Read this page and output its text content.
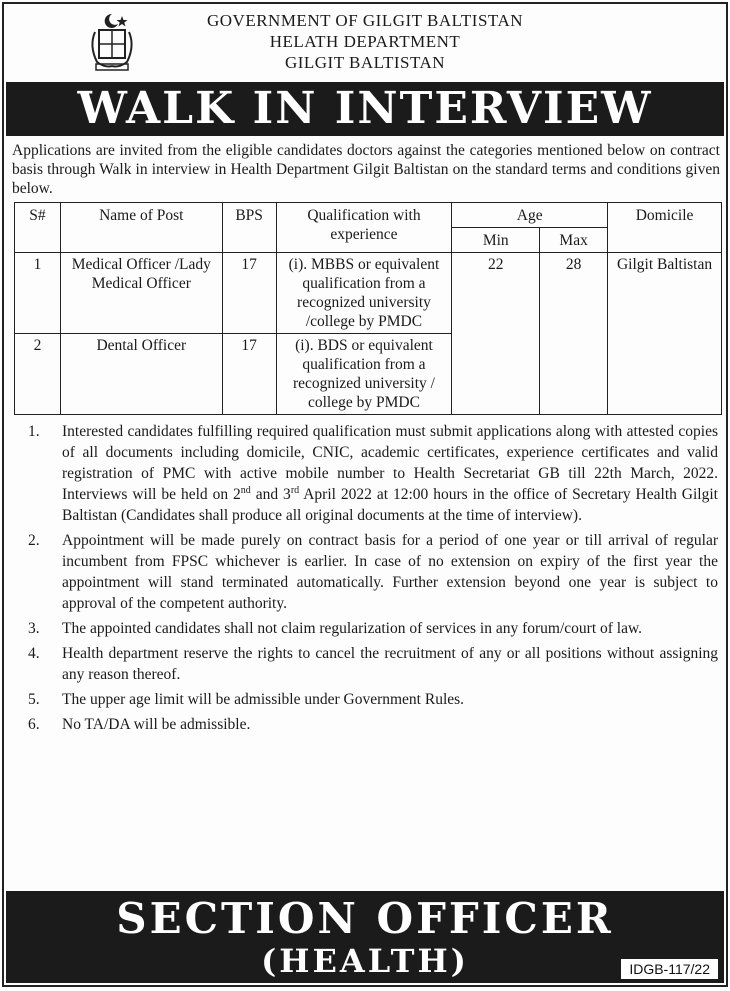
GOVERNMENT OF GILGIT BALTISTAN
HELATH DEPARTMENT
GILGIT BALTISTAN
WALK IN INTERVIEW
Applications are invited from the eligible candidates doctors against the categories mentioned below on contract basis through Walk in interview in Health Department Gilgit Baltistan on the standard terms and conditions given below.
S#	Name of Post	BPS	Qualification with experience	Age		Domicile
				Min	Max	
1	Medical Officer /Lady Medical Officer	17	(i). MBBS or equivalent qualification from a recognized university /college by PMDC	22	28	Gilgit Baltistan
2	Dental Officer	17	(i). BDS or equivalent qualification from a recognized university / college by PMDC			
1.	Interested candidates fulfilling required qualification must submit applications along with attested copies of all documents including domicile, CNIC, academic certificates, experience certificates and valid registration of PMC with active mobile number to Health Secretariat GB till 22th March, 2022. Interviews will be held on 2nd and 3rd April 2022 at 12:00 hours in the office of Secretary Health Gilgit Baltistan (Candidates shall produce all original documents at the time of interview).
2.	Appointment will be made purely on contract basis for a period of one year or till arrival of regular incumbent from FPSC whichever is earlier. In case of no extension on expiry of the first year the appointment will stand terminated automatically. Further extension beyond one year is subject to approval of the competent authority.
3.	The appointed candidates shall not claim regularization of services in any forum/court of law.
4.	Health department reserve the rights to cancel the recruitment of any or all positions without assigning any reason thereof.
5.	The upper age limit will be admissible under Government Rules.
6.	No TA/DA will be admissible.
SECTION OFFICER
(HEALTH)	IDGB-117/22
